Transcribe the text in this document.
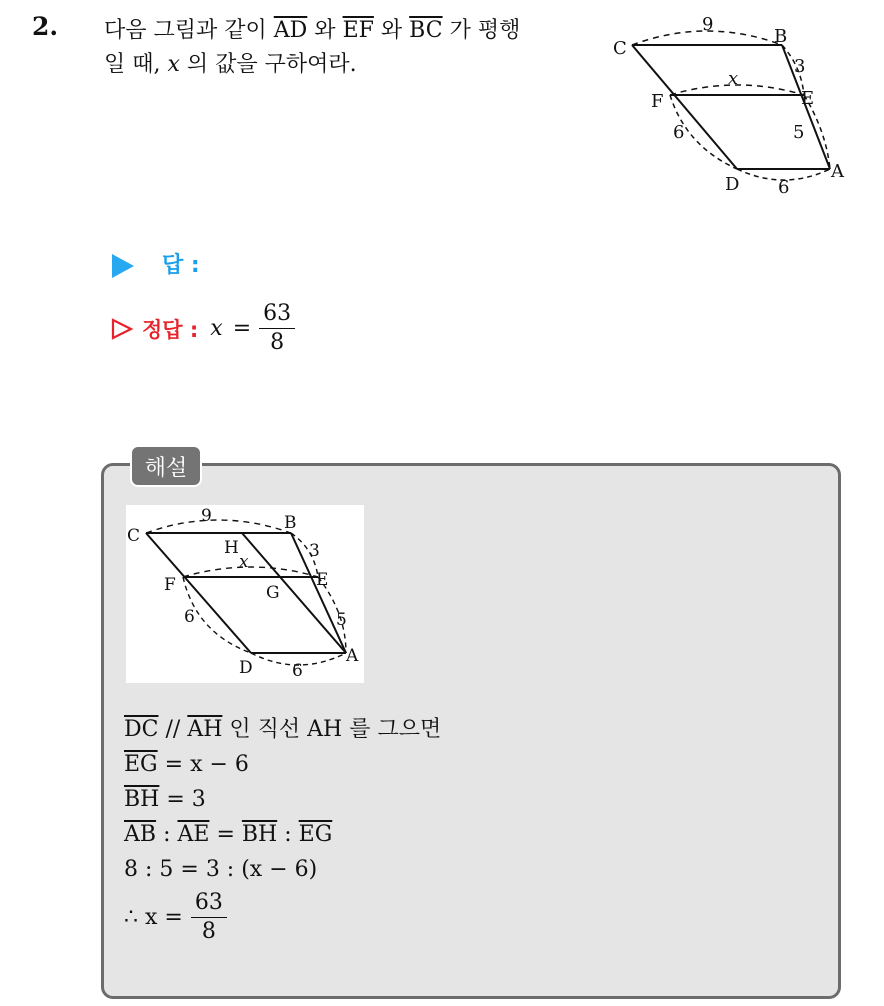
2. 다음 그림과 같이 $\overline{AD}$ 와 $\overline{EF}$ 와 $\overline{BC}$ 가 평행
일 때, x 의 값을 구하여라.
C
B
F	E
D
A
9
3
x
5
6
6
답 :
정답 : $x = \frac{63}{8}$
해설
C
B
H
F	G
E
D
A
9
3
x
5
6
6
$\overline{DC} // \overline{AH}$ 인 직선 AH 를 그으면
$\overline{EG} = x - 6$
$\overline{BH} = 3$
$\overline{AB}$ : $\overline{AE} = \overline{BH}$ : $\overline{EG}$
8 : 5 = 3 : (x − 6)
∴ $x = \frac{63}{8}$
